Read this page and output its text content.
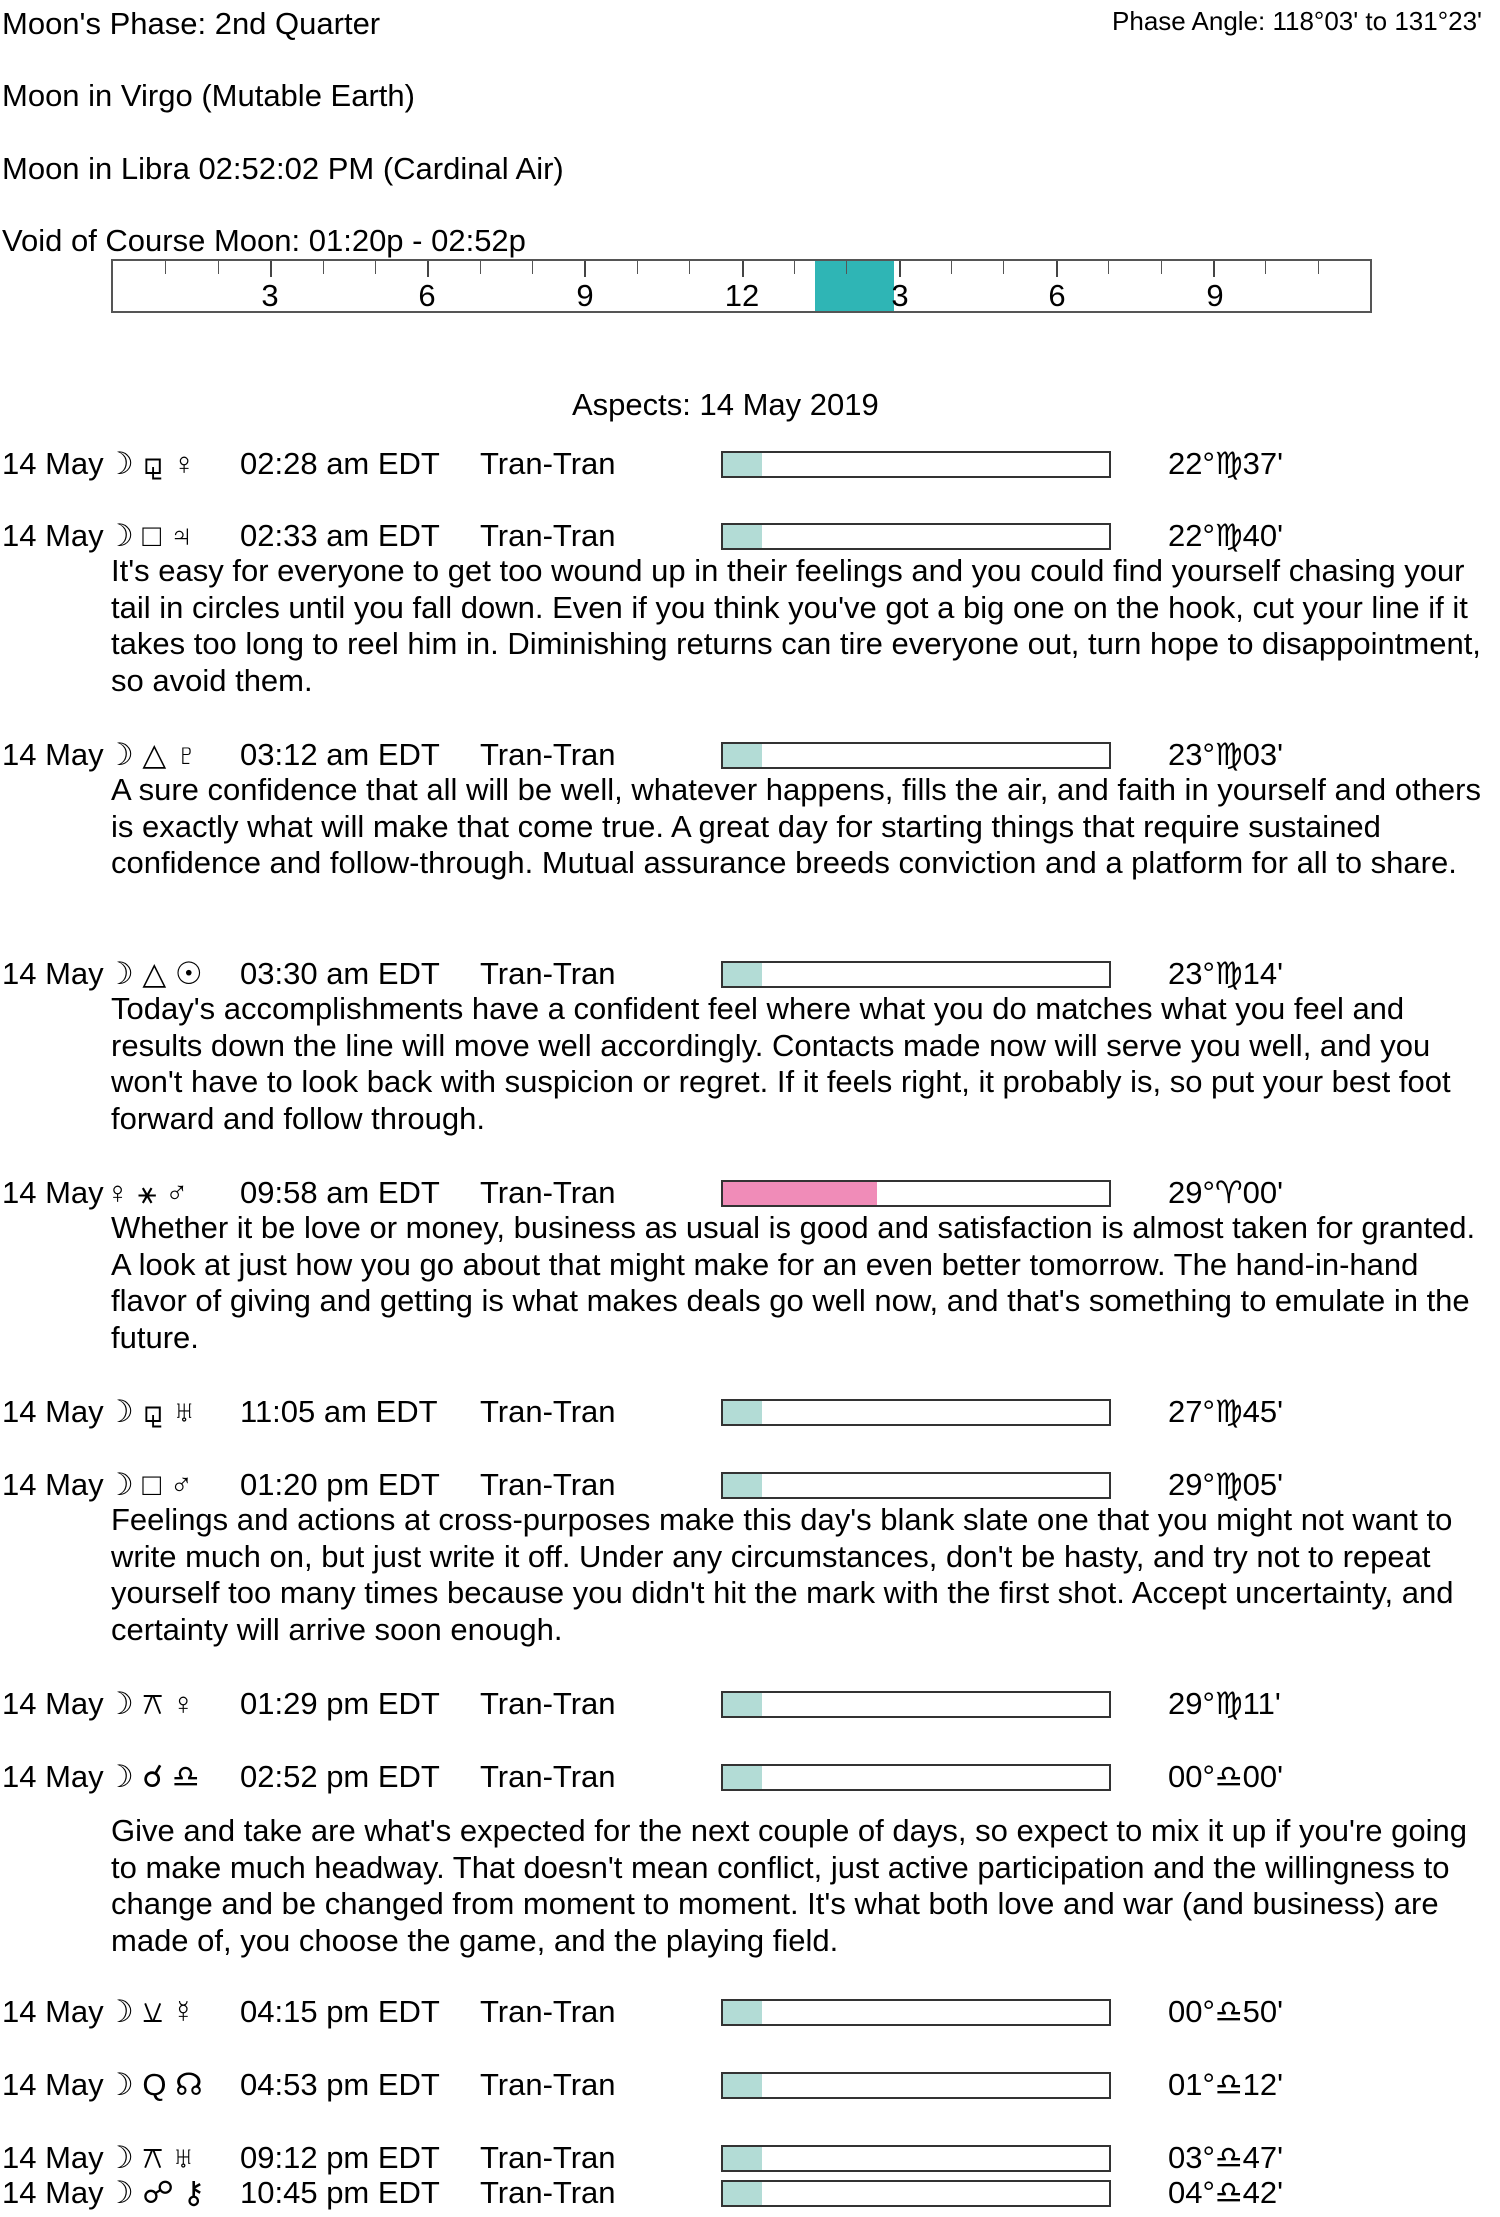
Moon's Phase: 2nd Quarter	Phase Angle: 118°03' to 131°23'
Moon in Virgo (Mutable Earth)
Moon in Libra 02:52:02 PM (Cardinal Air)
Void of Course Moon: 01:20p - 02:52p
3	6	9	12	3	6	9
Aspects: 14 May 2019
14 May ☽ ⚼ ♀ 02:28 am EDT Tran-Tran	22°♍37'
14 May ☽ □ ♃ 02:33 am EDT Tran-Tran	22°♍40'
It's easy for everyone to get too wound up in their feelings and you could find yourself chasing your tail in circles until you fall down. Even if you think you've got a big one on the hook, cut your line if it takes too long to reel him in. Diminishing returns can tire everyone out, turn hope to disappointment, so avoid them.
14 May ☽ △ ♇ 03:12 am EDT Tran-Tran	23°♍03'
A sure confidence that all will be well, whatever happens, fills the air, and faith in yourself and others is exactly what will make that come true. A great day for starting things that require sustained confidence and follow-through. Mutual assurance breeds conviction and a platform for all to share.
14 May ☽ △ ☉ 03:30 am EDT Tran-Tran	23°♍14'
Today's accomplishments have a confident feel where what you do matches what you feel and results down the line will move well accordingly. Contacts made now will serve you well, and you won't have to look back with suspicion or regret. If it feels right, it probably is, so put your best foot forward and follow through.
14 May ♀ ⚹ ♂ 09:58 am EDT Tran-Tran	29°♈00'
Whether it be love or money, business as usual is good and satisfaction is almost taken for granted. A look at just how you go about that might make for an even better tomorrow. The hand-in-hand flavor of giving and getting is what makes deals go well now, and that's something to emulate in the future.
14 May ☽ ⚼ ♅ 11:05 am EDT Tran-Tran	27°♍45'
14 May ☽ □ ♂ 01:20 pm EDT Tran-Tran	29°♍05'
Feelings and actions at cross-purposes make this day's blank slate one that you might not want to write much on, but just write it off. Under any circumstances, don't be hasty, and try not to repeat yourself too many times because you didn't hit the mark with the first shot. Accept uncertainty, and certainty will arrive soon enough.
14 May ☽ ⚻ ♀ 01:29 pm EDT Tran-Tran	29°♍11'
14 May ☽ ☌ ♎ 02:52 pm EDT Tran-Tran	00°♎00'
Give and take are what's expected for the next couple of days, so expect to mix it up if you're going to make much headway. That doesn't mean conflict, just active participation and the willingness to change and be changed from moment to moment. It's what both love and war (and business) are made of, you choose the game, and the playing field.
14 May ☽ ⚺ ☿ 04:15 pm EDT Tran-Tran	00°♎50'
14 May ☽ Q ☊ 04:53 pm EDT Tran-Tran	01°♎12'
14 May ☽ ⚻ ♅ 09:12 pm EDT Tran-Tran	03°♎47'
14 May ☽ ☍ ⚷ 10:45 pm EDT Tran-Tran	04°♎42'
